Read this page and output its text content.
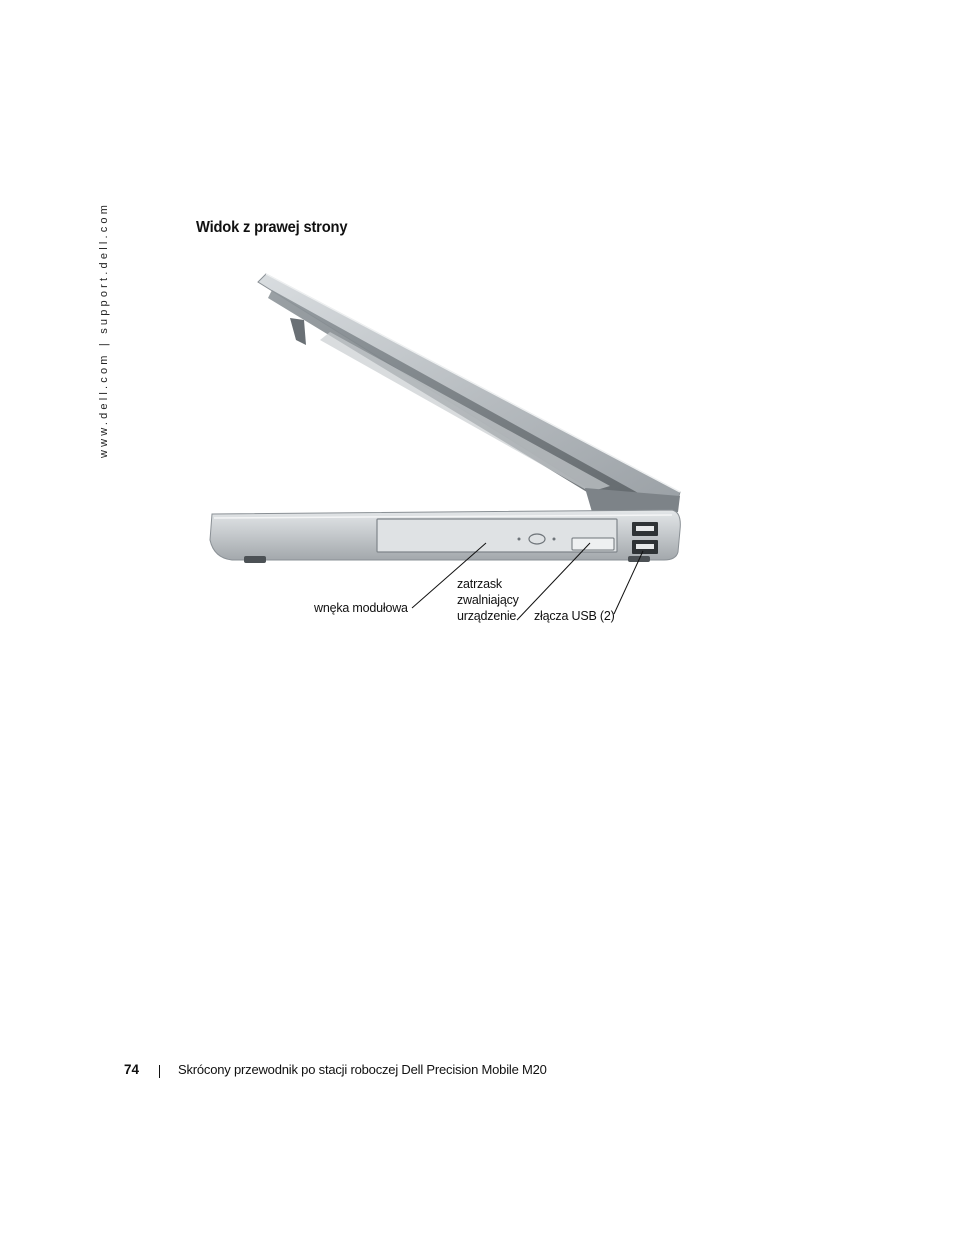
www.dell.com | support.dell.com	Widok z prawej strony
wnęka modułowa
zatrzask zwalniający urządzenie	złącza USB (2)
74	Skrócony przewodnik po stacji roboczej Dell Precision Mobile M20
